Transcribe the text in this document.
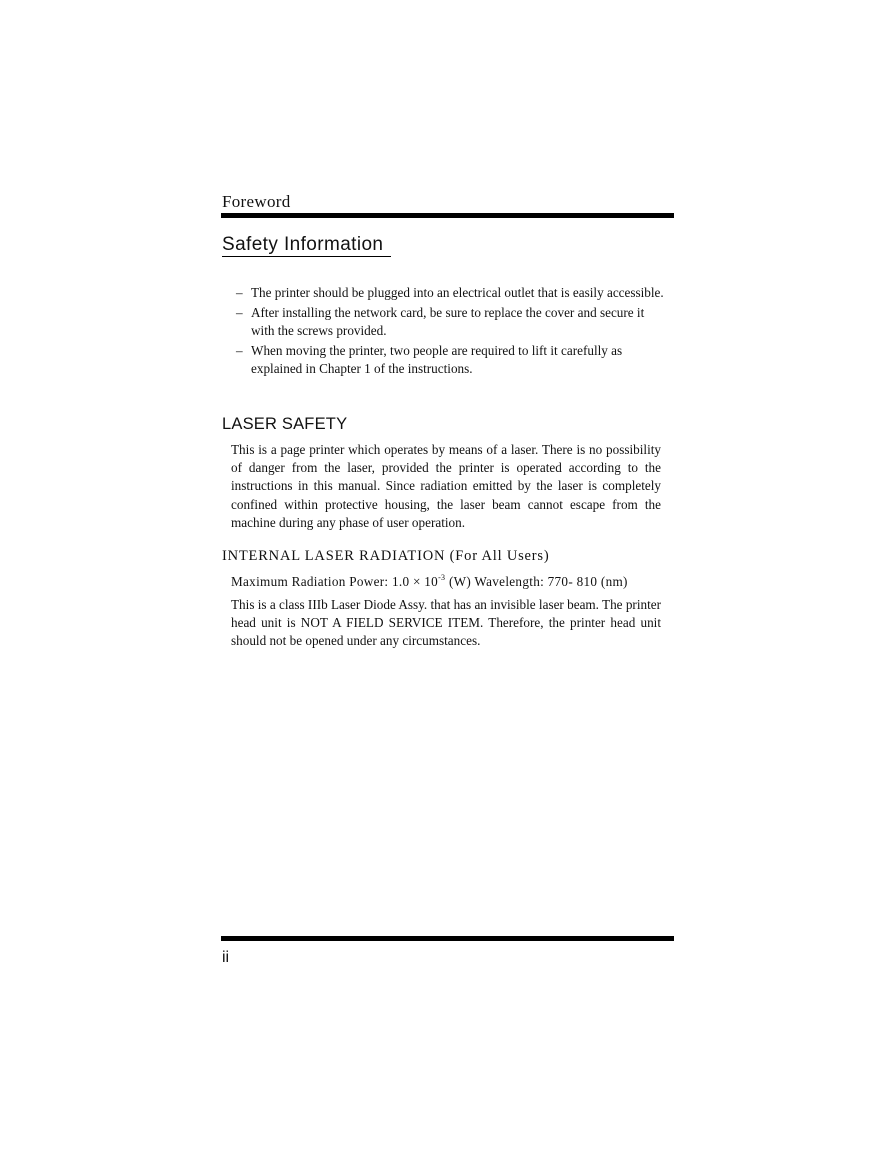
Foreword
Safety Information
– The printer should be plugged into an electrical outlet that is easily accessible.
– After installing the network card, be sure to replace the cover and secure it with the screws provided.
– When moving the printer, two people are required to lift it carefully as explained in Chapter 1 of the instructions.
LASER SAFETY

This is a page printer which operates by means of a laser. There is no possibility of danger from the laser, provided the printer is operated according to the instructions in this manual. Since radiation emitted by the laser is completely confined within protective housing, the laser beam cannot escape from the machine during any phase of user operation.

INTERNAL LASER RADIATION (For All Users)
Maximum Radiation Power: $1.0 \times 10^{-3}$ (W) Wavelength: 770- 810 (nm)

This is a class IIIb Laser Diode Assy. that has an invisible laser beam. The printer head unit is NOT A FIELD SERVICE ITEM. Therefore, the printer head unit should not be opened under any circumstances.

ii
